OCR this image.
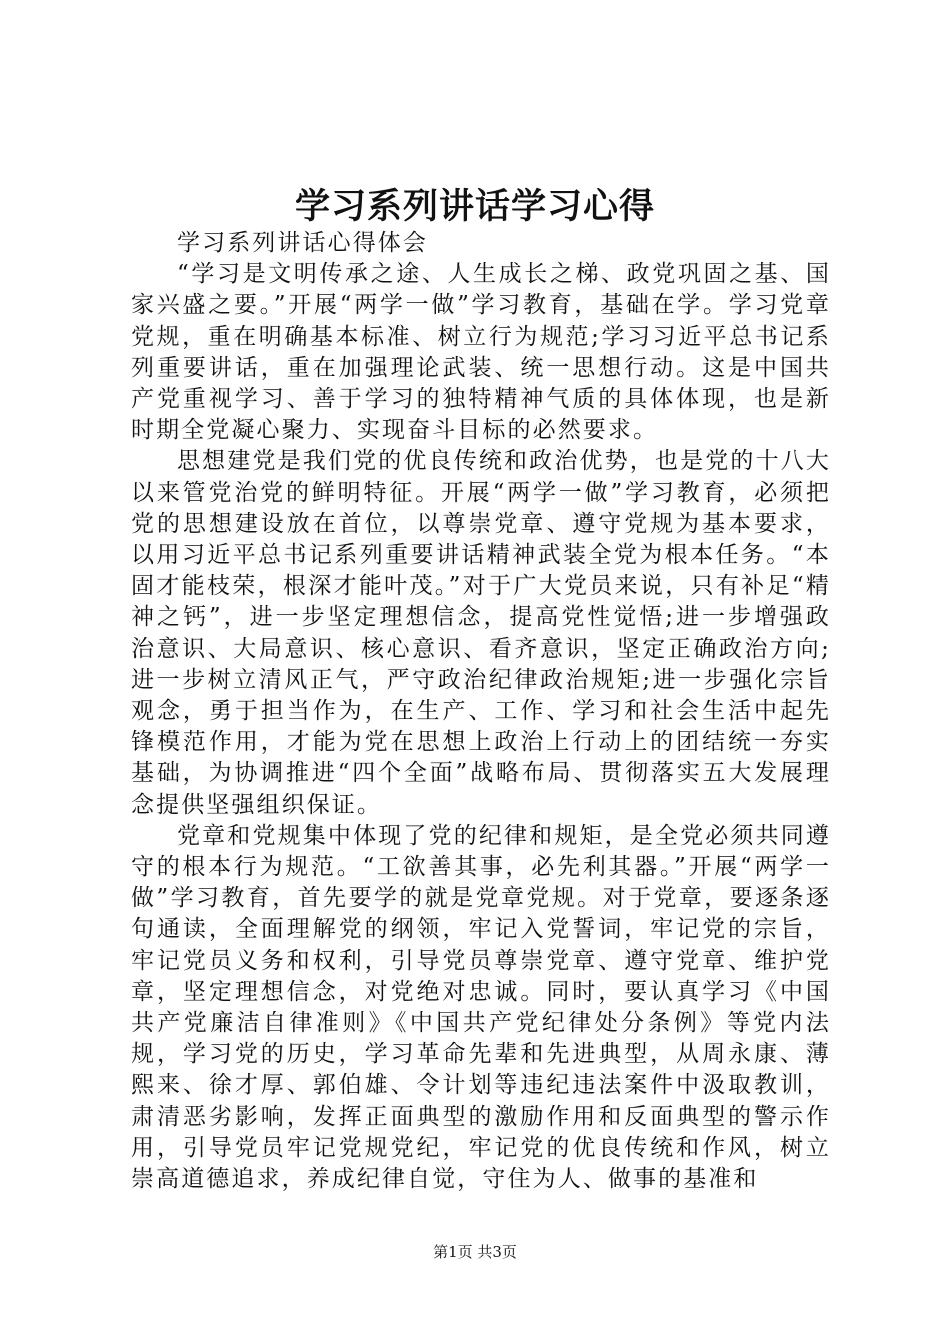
学习系列讲话学习心得

学习系列讲话心得体会

“学习是文明传承之途、人生成长之梯、政党巩固之基、国家兴盛之要。”开展“两学一做”学习教育，基础在学。学习党章党规，重在明确基本标准、树立行为规范;学习习近平总书记系列重要讲话，重在加强理论武装、统一思想行动。这是中国共产党重视学习、善于学习的独特精神气质的具体体现，也是新时期全党凝心聚力、实现奋斗目标的必然要求。

思想建党是我们党的优良传统和政治优势，也是党的十八大以来管党治党的鲜明特征。开展“两学一做”学习教育，必须把党的思想建设放在首位，以尊崇党章、遵守党规为基本要求，以用习近平总书记系列重要讲话精神武装全党为根本任务。“本固才能枝荣，根深才能叶茂。”对于广大党员来说，只有补足“精神之钙”，进一步坚定理想信念，提高党性觉悟;进一步增强政治意识、大局意识、核心意识、看齐意识，坚定正确政治方向;进一步树立清风正气，严守政治纪律政治规矩;进一步强化宗旨观念，勇于担当作为，在生产、工作、学习和社会生活中起先锋模范作用，才能为党在思想上政治上行动上的团结统一夯实基础，为协调推进“四个全面”战略布局、贯彻落实五大发展理念提供坚强组织保证。

党章和党规集中体现了党的纪律和规矩，是全党必须共同遵守的根本行为规范。“工欲善其事，必先利其器。”开展“两学一做”学习教育，首先要学的就是党章党规。对于党章，要逐条逐句通读，全面理解党的纲领，牢记入党誓词，牢记党的宗旨，牢记党员义务和权利，引导党员尊崇党章、遵守党章、维护党章，坚定理想信念，对党绝对忠诚。同时，要认真学习《中国共产党廉洁自律准则》《中国共产党纪律处分条例》等党内法规，学习党的历史，学习革命先辈和先进典型，从周永康、薄熙来、徐才厚、郭伯雄、令计划等违纪违法案件中汲取教训，肃清恶劣影响，发挥正面典型的激励作用和反面典型的警示作用，引导党员牢记党规党纪，牢记党的优良传统和作风，树立崇高道德追求，养成纪律自觉，守住为人、做事的基准和

第1页 共3页
